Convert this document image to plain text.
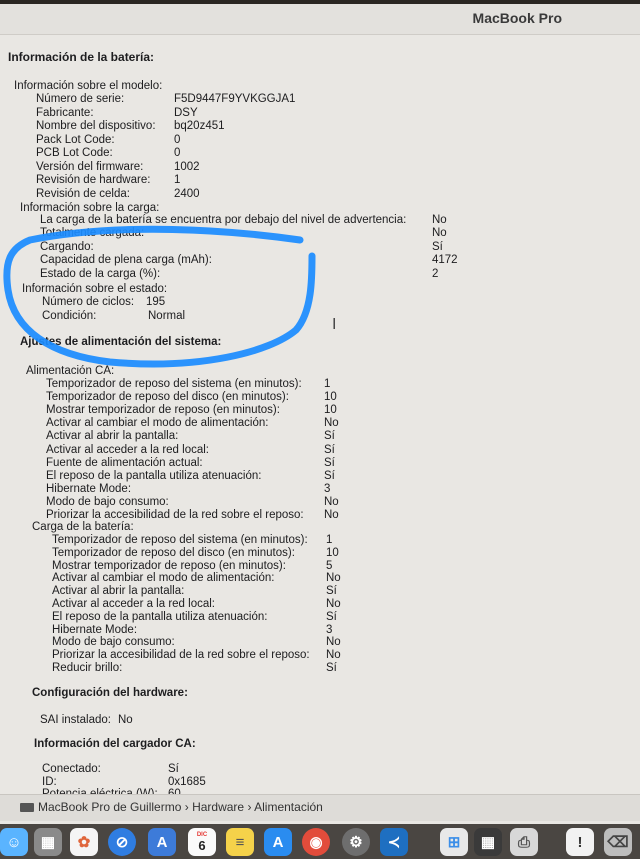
MacBook Pro
Información de la batería:
Información sobre el modelo:
Número de serie:	F5D9447F9YVKGGJA1
Fabricante:	DSY
Nombre del dispositivo: bq20z451
Pack Lot Code:	0
PCB Lot Code:	0
Versión del firmware:	1002
Revisión de hardware: 1
Revisión de celda:	2400
Información sobre la carga:
La carga de la batería se encuentra por debajo del nivel de advertencia: No
Totalmente cargada:	No
Cargando:	Sí
Capacidad de plena carga (mAh):	4172
Estado de la carga (%):	2
Información sobre el estado:
Número de ciclos: 195
Condición:	Normal
Ajustes de alimentación del sistema:
Alimentación CA:
Temporizador de reposo del sistema (en minutos): 1
Temporizador de reposo del disco (en minutos):	10
Mostrar temporizador de reposo (en minutos):	10
Activar al cambiar el modo de alimentación:	No
Activar al abrir la pantalla:	Sí
Activar al acceder a la red local:	Sí
Fuente de alimentación actual:	Sí
El reposo de la pantalla utiliza atenuación:	Sí
Hibernate Mode:	3
Modo de bajo consumo:	No
Priorizar la accesibilidad de la red sobre el reposo: No
Carga de la batería:
Temporizador de reposo del sistema (en minutos): 1
Temporizador de reposo del disco (en minutos):	10
Mostrar temporizador de reposo (en minutos):	5
Activar al cambiar el modo de alimentación:	No
Activar al abrir la pantalla:	Sí
Activar al acceder a la red local:	No
El reposo de la pantalla utiliza atenuación:	Sí
Hibernate Mode:	3
Modo de bajo consumo:	No
Priorizar la accesibilidad de la red sobre el reposo: No
Reducir brillo:	Sí
Configuración del hardware:
SAI instalado: No
Información del cargador CA:
Conectado:	Sí
ID:	0x1685
I
MacBook Pro de Guillermo › Hardware › Alimentación
☺	▦	✿	⊘	A	DIC
6	≡	A	◉	⚙	≺	⊞	▦	⎙	!	⌫
